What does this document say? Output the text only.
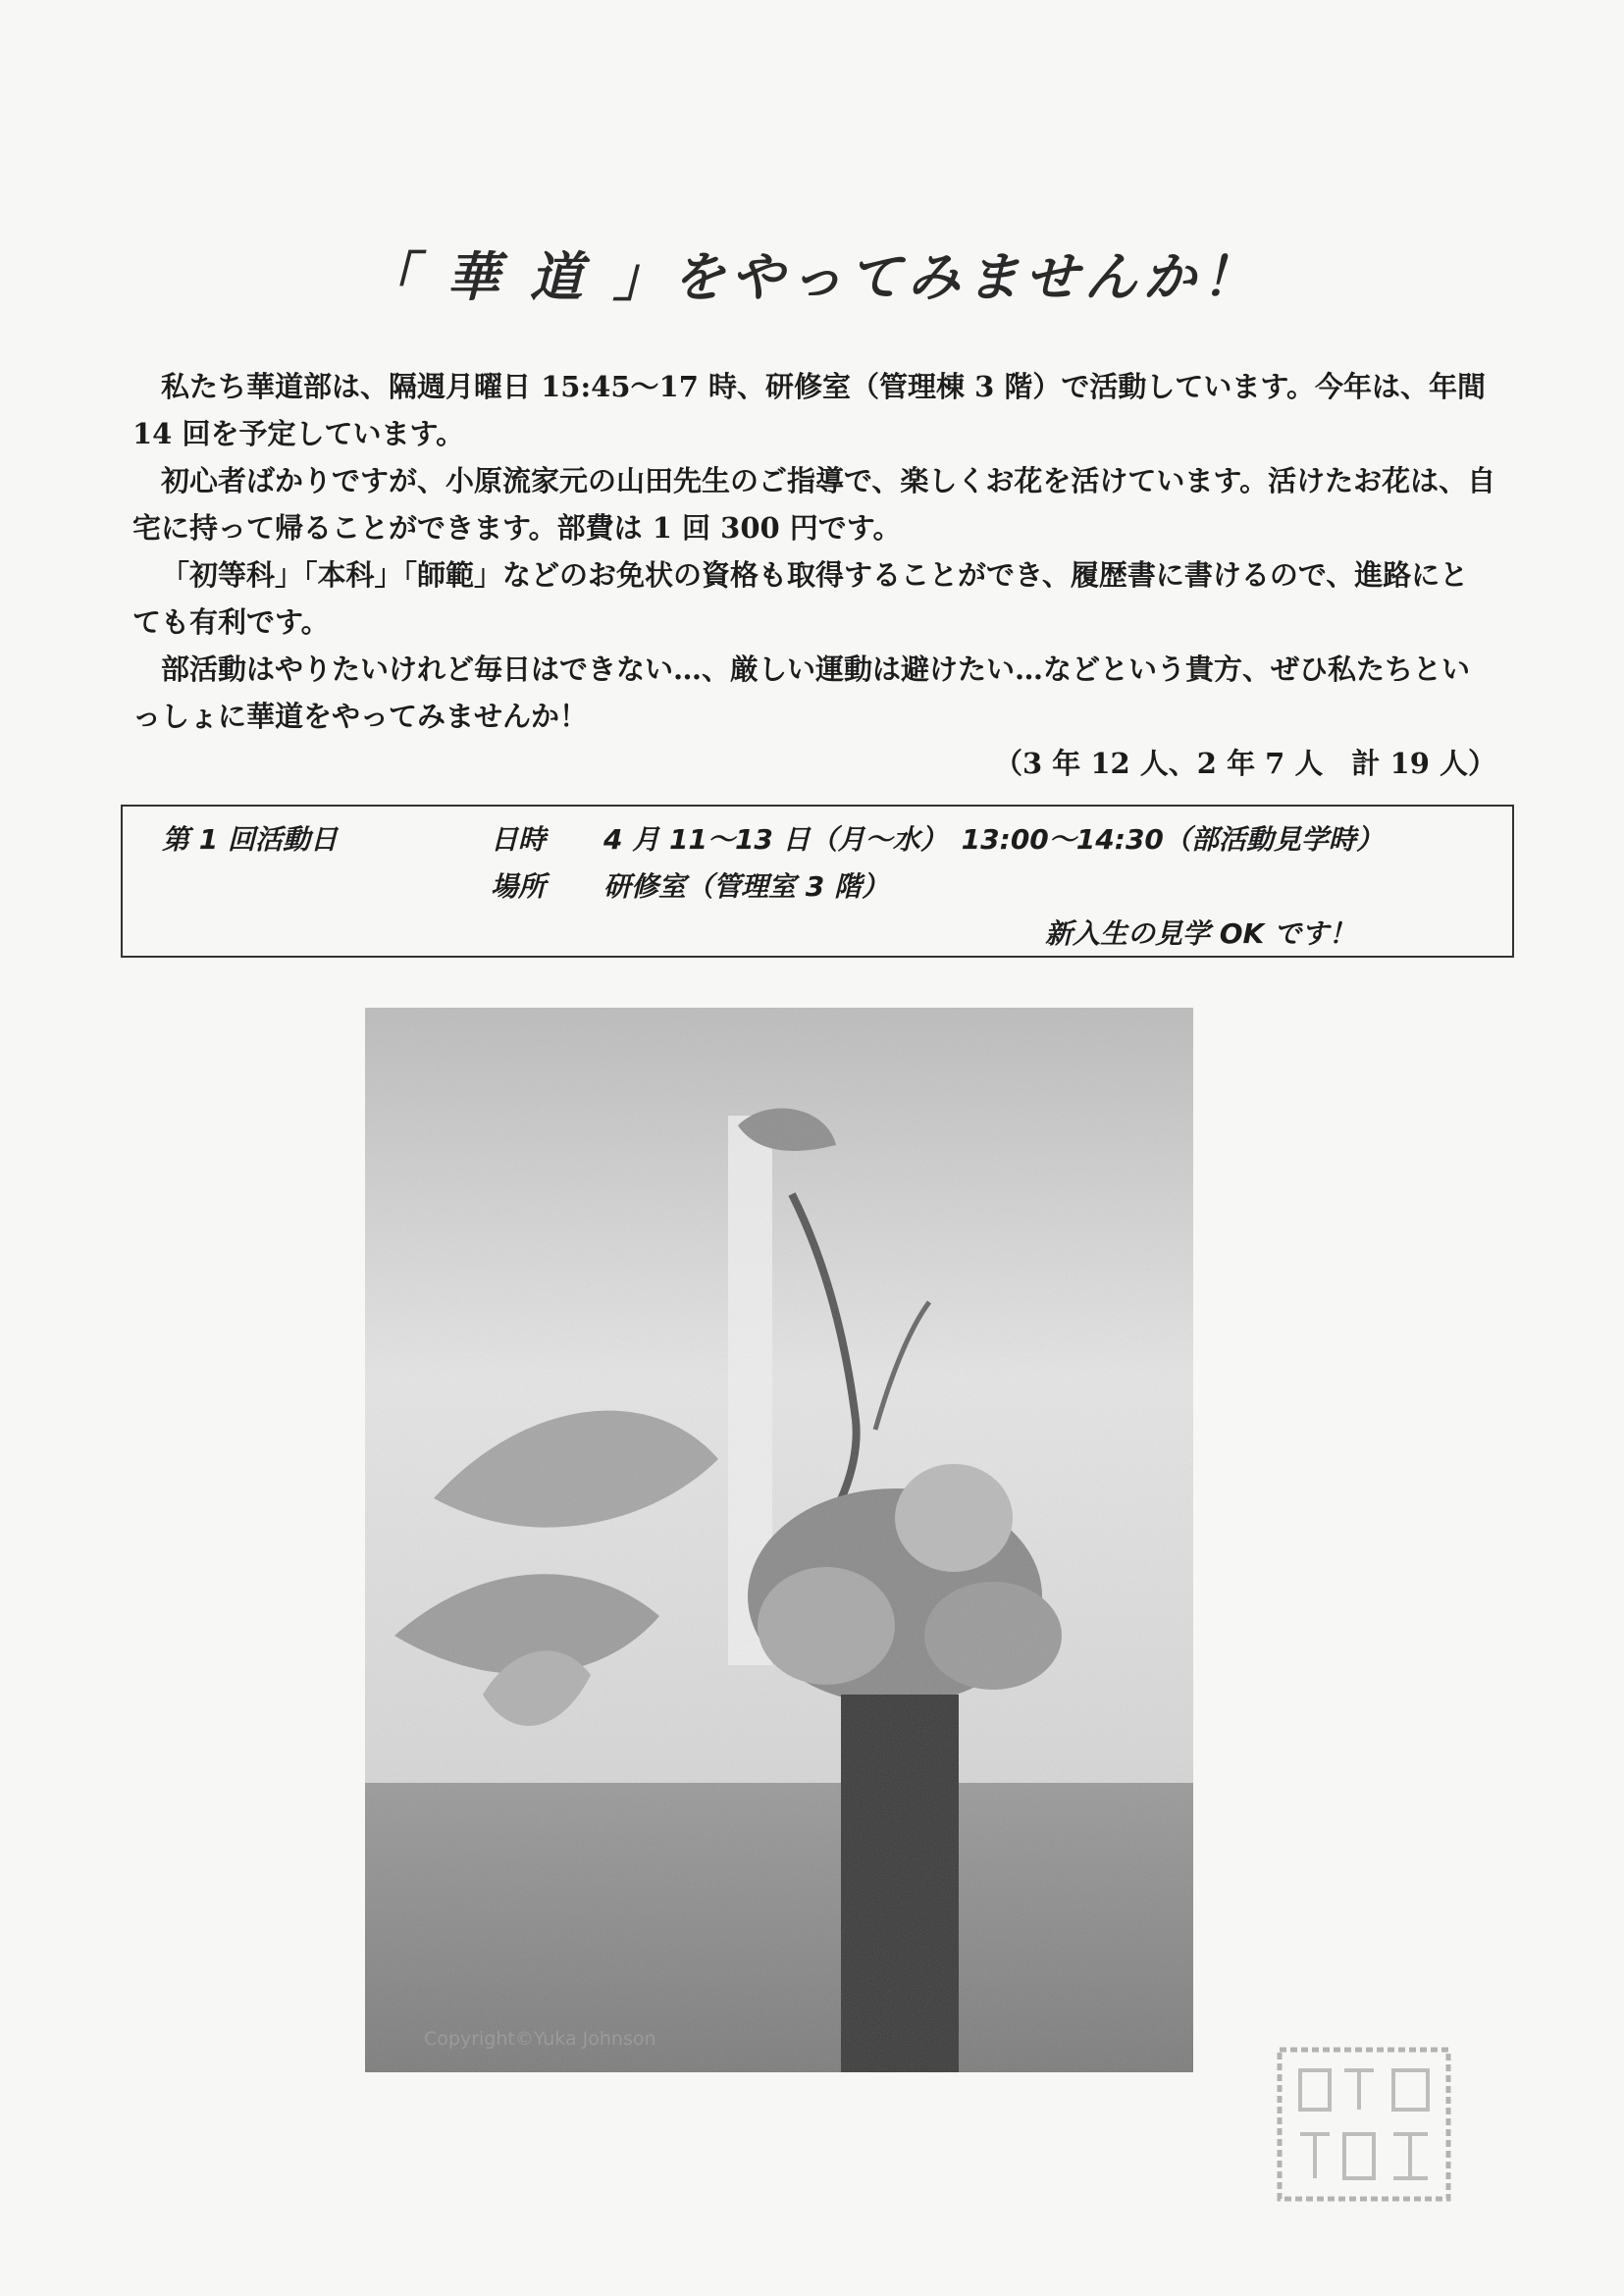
「 華 道 」をやってみませんか！

私たち華道部は、隔週月曜日 15:45～17 時、研修室（管理棟 3 階）で活動しています。今年は、年間 14 回を予定しています。

初心者ばかりですが、小原流家元の山田先生のご指導で、楽しくお花を活けています。活けたお花は、自宅に持って帰ることができます。部費は 1 回 300 円です。

「初等科」「本科」「師範」などのお免状の資格も取得することができ、履歴書に書けるので、進路にとても有利です。

部活動はやりたいけれど毎日はできない…、厳しい運動は避けたい…などという貴方、ぜひ私たちといっしょに華道をやってみませんか！

（3 年 12 人、2 年 7 人　計 19 人）
第 1 回活動日	日時 4 月 11～13 日（月～水）　13:00～14:30（部活動見学時）
場所 研修室（管理室 3 階）
新入生の見学 OK です！
Copyright©Yuka Johnson
